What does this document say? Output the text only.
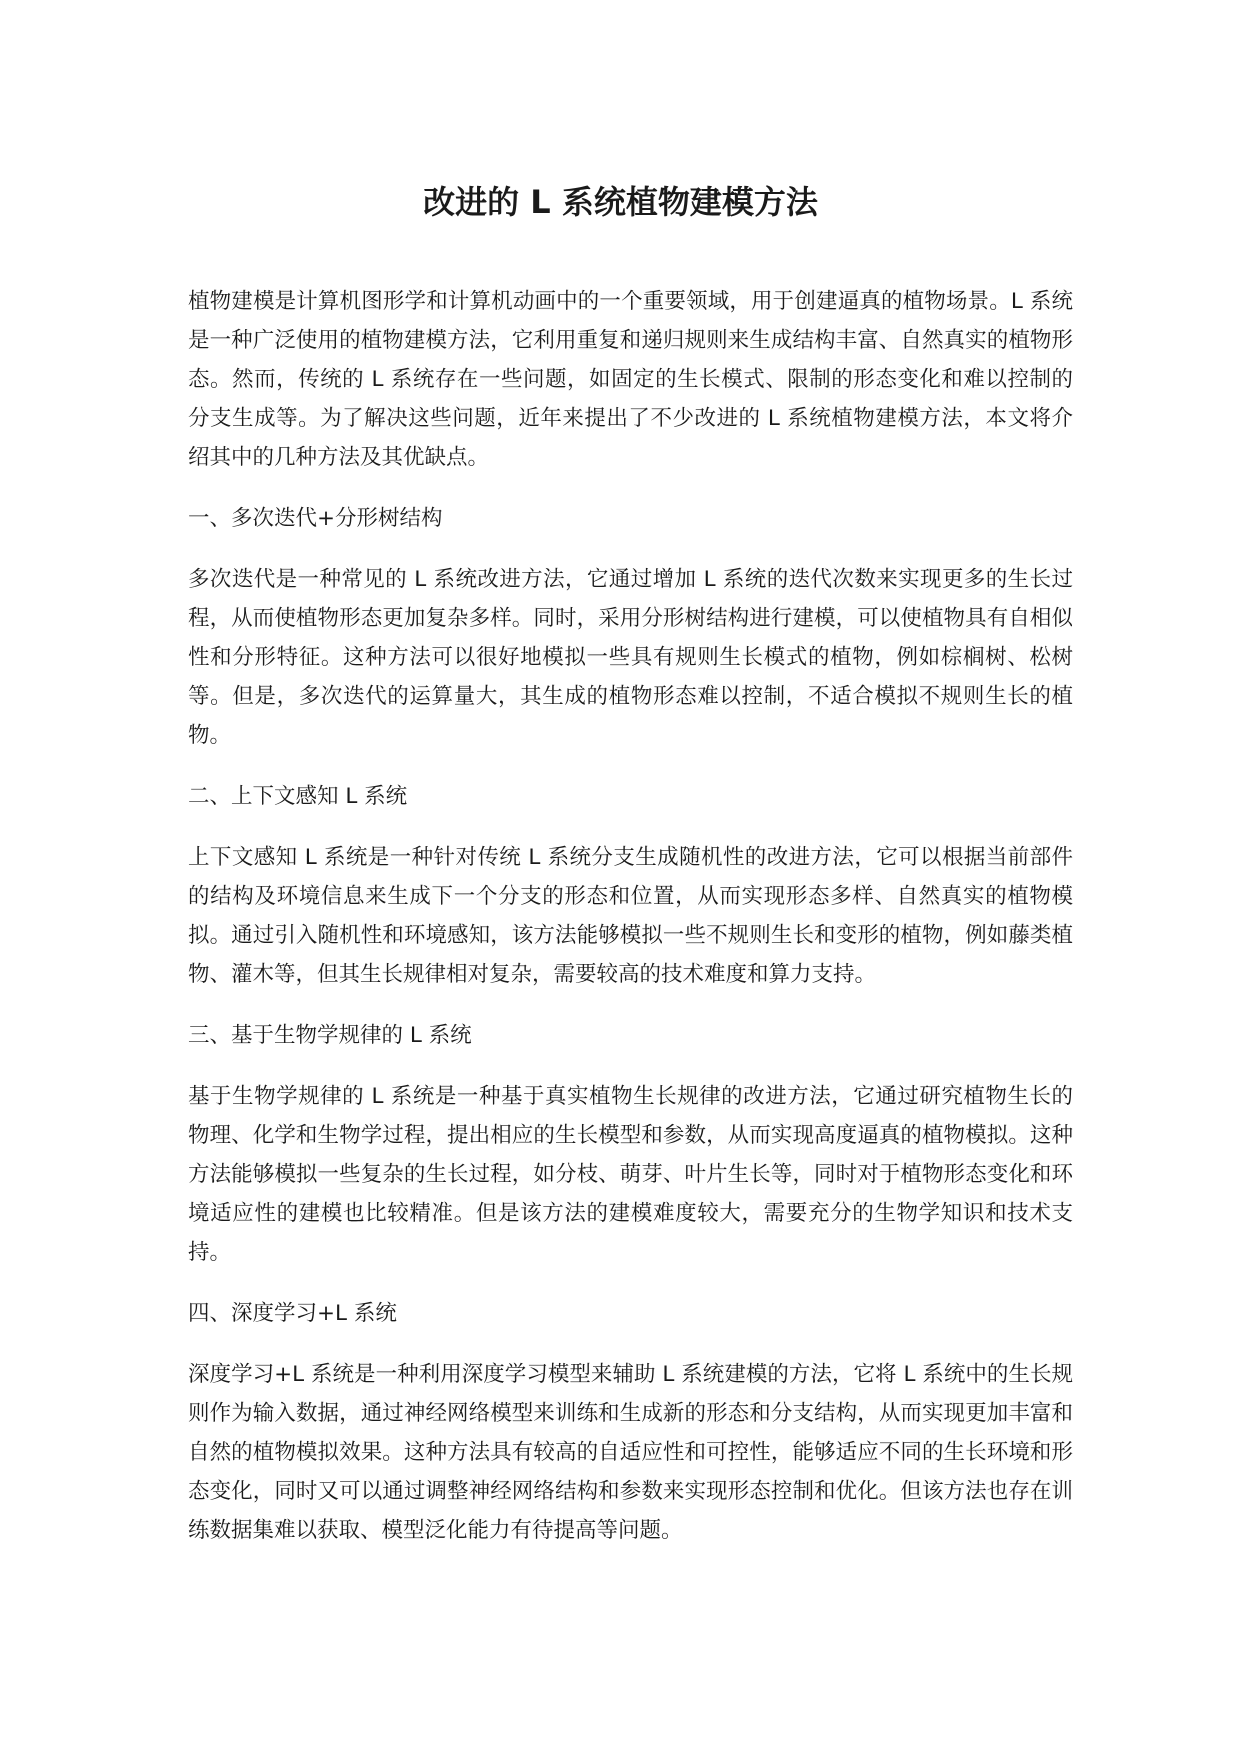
改进的 L 系统植物建模方法

植物建模是计算机图形学和计算机动画中的一个重要领域，用于创建逼真的植物场景。L 系统是一种广泛使用的植物建模方法，它利用重复和递归规则来生成结构丰富、自然真实的植物形态。然而，传统的 L 系统存在一些问题，如固定的生长模式、限制的形态变化和难以控制的分支生成等。为了解决这些问题，近年来提出了不少改进的 L 系统植物建模方法，本文将介绍其中的几种方法及其优缺点。

一、多次迭代+分形树结构

多次迭代是一种常见的 L 系统改进方法，它通过增加 L 系统的迭代次数来实现更多的生长过程，从而使植物形态更加复杂多样。同时，采用分形树结构进行建模，可以使植物具有自相似性和分形特征。这种方法可以很好地模拟一些具有规则生长模式的植物，例如棕榈树、松树等。但是，多次迭代的运算量大，其生成的植物形态难以控制，不适合模拟不规则生长的植物。

二、上下文感知 L 系统

上下文感知 L 系统是一种针对传统 L 系统分支生成随机性的改进方法，它可以根据当前部件的结构及环境信息来生成下一个分支的形态和位置，从而实现形态多样、自然真实的植物模拟。通过引入随机性和环境感知，该方法能够模拟一些不规则生长和变形的植物，例如藤类植物、灌木等，但其生长规律相对复杂，需要较高的技术难度和算力支持。

三、基于生物学规律的 L 系统

基于生物学规律的 L 系统是一种基于真实植物生长规律的改进方法，它通过研究植物生长的物理、化学和生物学过程，提出相应的生长模型和参数，从而实现高度逼真的植物模拟。这种方法能够模拟一些复杂的生长过程，如分枝、萌芽、叶片生长等，同时对于植物形态变化和环境适应性的建模也比较精准。但是该方法的建模难度较大，需要充分的生物学知识和技术支持。

四、深度学习+L 系统

深度学习+L 系统是一种利用深度学习模型来辅助 L 系统建模的方法，它将 L 系统中的生长规则作为输入数据，通过神经网络模型来训练和生成新的形态和分支结构，从而实现更加丰富和自然的植物模拟效果。这种方法具有较高的自适应性和可控性，能够适应不同的生长环境和形态变化，同时又可以通过调整神经网络结构和参数来实现形态控制和优化。但该方法也存在训练数据集难以获取、模型泛化能力有待提高等问题。
